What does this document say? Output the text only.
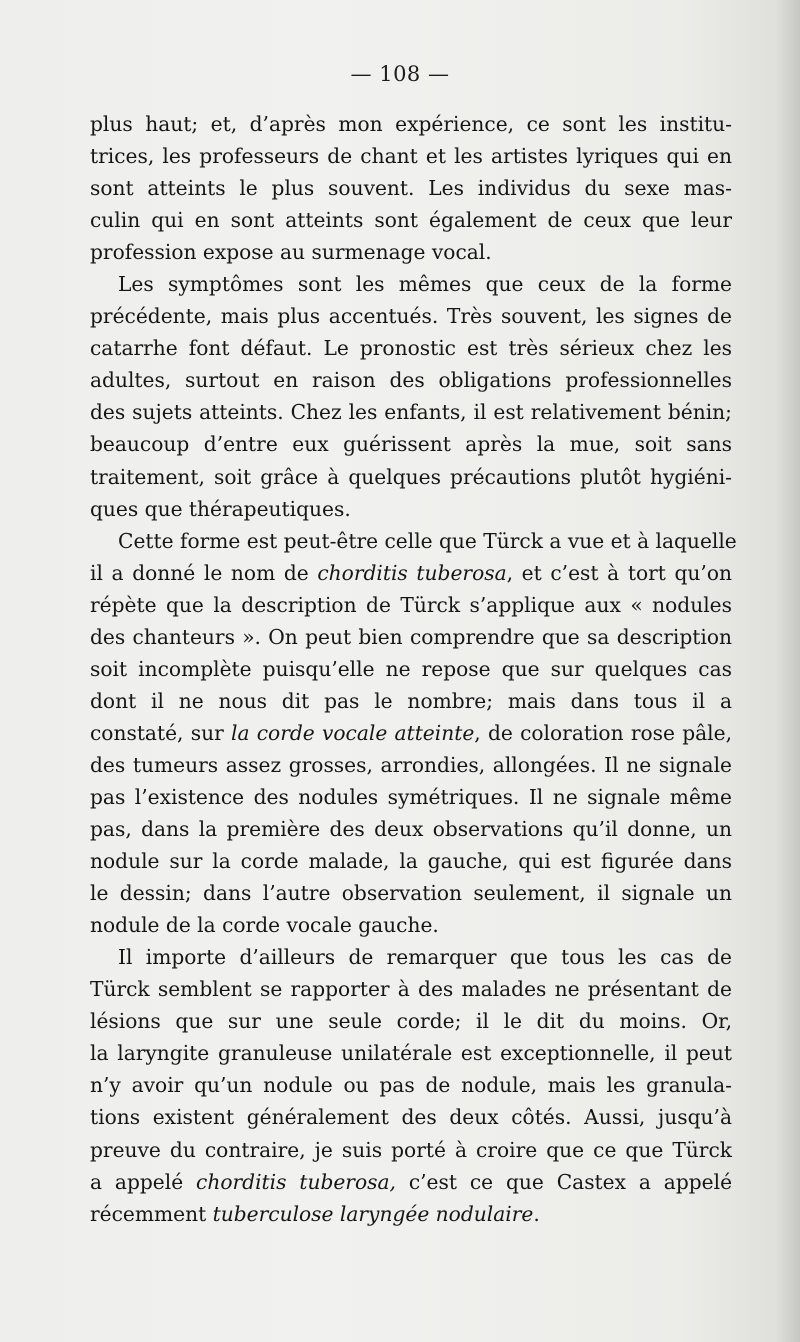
— 108 —
plus haut; et, d’après mon expérience, ce sont les institu-
trices, les professeurs de chant et les artistes lyriques qui en
sont atteints le plus souvent. Les individus du sexe mas-
culin qui en sont atteints sont également de ceux que leur
profession expose au surmenage vocal.
Les symptômes sont les mêmes que ceux de la forme
précédente, mais plus accentués. Très souvent, les signes de
catarrhe font défaut. Le pronostic est très sérieux chez les
adultes, surtout en raison des obligations professionnelles
des sujets atteints. Chez les enfants, il est relativement bénin;
beaucoup d’entre eux guérissent après la mue, soit sans
traitement, soit grâce à quelques précautions plutôt hygiéni-
ques que thérapeutiques.
Cette forme est peut-être celle que Türck a vue et à laquelle
il a donné le nom de chorditis tuberosa, et c’est à tort qu’on
répète que la description de Türck s’applique aux « nodules
des chanteurs ». On peut bien comprendre que sa description
soit incomplète puisqu’elle ne repose que sur quelques cas
dont il ne nous dit pas le nombre; mais dans tous il a
constaté, sur la corde vocale atteinte, de coloration rose pâle,
des tumeurs assez grosses, arrondies, allongées. Il ne signale
pas l’existence des nodules symétriques. Il ne signale même
pas, dans la première des deux observations qu’il donne, un
nodule sur la corde malade, la gauche, qui est figurée dans
le dessin; dans l’autre observation seulement, il signale un
nodule de la corde vocale gauche.
Il importe d’ailleurs de remarquer que tous les cas de
Türck semblent se rapporter à des malades ne présentant de
lésions que sur une seule corde; il le dit du moins. Or,
la laryngite granuleuse unilatérale est exceptionnelle, il peut
n’y avoir qu’un nodule ou pas de nodule, mais les granula-
tions existent généralement des deux côtés. Aussi, jusqu’à
preuve du contraire, je suis porté à croire que ce que Türck
a appelé chorditis tuberosa, c’est ce que Castex a appelé
récemment tuberculose laryngée nodulaire.
